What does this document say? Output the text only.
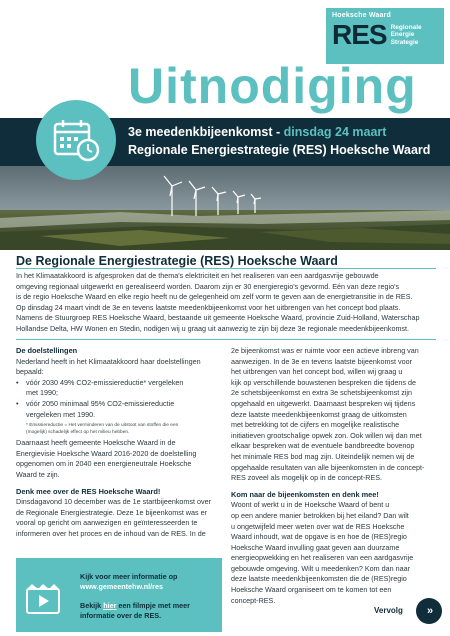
Hoeksche Waard
RES Regionale
Energie
Strategie
Uitnodiging
3e meedenkbijeenkomst - dinsdag 24 maart
Regionale Energiestrategie (RES) Hoeksche Waard
De Regionale Energiestrategie (RES) Hoeksche Waard
In het Klimaatakkoord is afgesproken dat de thema's elektriciteit en het realiseren van een aardgasvrije gebouwde
omgeving regionaal uitgewerkt en gerealiseerd worden. Daarom zijn er 30 energieregio's gevormd. Eén van deze regio's
is de regio Hoeksche Waard en elke regio heeft nu de gelegenheid om zelf vorm te geven aan de energietransitie in de RES.
Op dinsdag 24 maart vindt de 3e en tevens laatste meedenkbijeenkomst voor het uitbrengen van het concept bod plaats.
Namens de Stuurgroep RES Hoeksche Waard, bestaande uit gemeente Hoeksche Waard, provincie Zuid-Holland, Waterschap
Hollandse Delta, HW Wonen en Stedin, nodigen wij u graag uit aanwezig te zijn bij deze 3e regionale meedenkbijeenkomst.
De doelstellingen
Nederland heeft in het Klimaatakkoord haar doelstellingen
bepaald:
•	vóór 2030 49% CO2-emissiereductie* vergeleken
met 1990;
•	vóór 2050 minimaal 95% CO2-emissiereductie
vergeleken met 1990.
* Emissiereductie = Het verminderen van de uitstoot van stoffen die een
(mogelijk) schadelijk effect op het milieu hebben.
Daarnaast heeft gemeente Hoeksche Waard in de
Energievisie Hoeksche Waard 2016-2020 de doelstelling
opgenomen om in 2040 een energieneutrale Hoeksche
Waard te zijn.
Denk mee over de RES Hoeksche Waard!
Dinsdagavond 10 december was de 1e startbijeenkomst over
de Regionale Energiestrategie. Deze 1e bijeenkomst was er
vooral op gericht om aanwezigen en geïnteresseerden te
informeren over het proces en de inhoud van de RES. In de
2e bijeenkomst was er ruimte voor een actieve inbreng van
aanwezigen. In de 3e en tevens laatste bijeenkomst voor
het uitbrengen van het concept bod, willen wij graag u
kijk op verschillende bouwstenen bespreken die tijdens de
2e schetsbijeenkomst en extra 3e schetsbijeenkomst zijn
opgehaald en uitgewerkt. Daarnaast bespreken wij tijdens
deze laatste meedenkbijeenkomst graag de uitkomsten
met betrekking tot de cijfers en mogelijke realistische
initiatieven grootschalige opwek zon. Ook willen wij dan met
elkaar bespreken wat de eventuele bandbreedte bovenop
het minimale RES bod mag zijn. Uiteindelijk nemen wij de
opgehaalde resultaten van alle bijeenkomsten in de concept-
RES zoveel als mogelijk op in de concept-RES.
Kom naar de bijeenkomsten en denk mee!
Woont of werkt u in de Hoeksche Waard of bent u
op een andere manier betrokken bij het eiland? Dan wilt
u ongetwijfeld meer weten over wat de RES Hoeksche
Waard inhoudt, wat de opgave is en hoe de (RES)regio
Hoeksche Waard invulling gaat geven aan duurzame
energieopwekking en het realiseren van een aardgasvrije
gebouwde omgeving. Wilt u meedenken? Kom dan naar
deze laatste meedenkbijeenkomsten die de (RES)regio
Hoeksche Waard organiseert om te komen tot een
concept-RES.
Kijk voor meer informatie op
www.gemeentehw.nl/res
Bekijk hier een filmpje met meer
informatie over de RES.
Vervolg	»
